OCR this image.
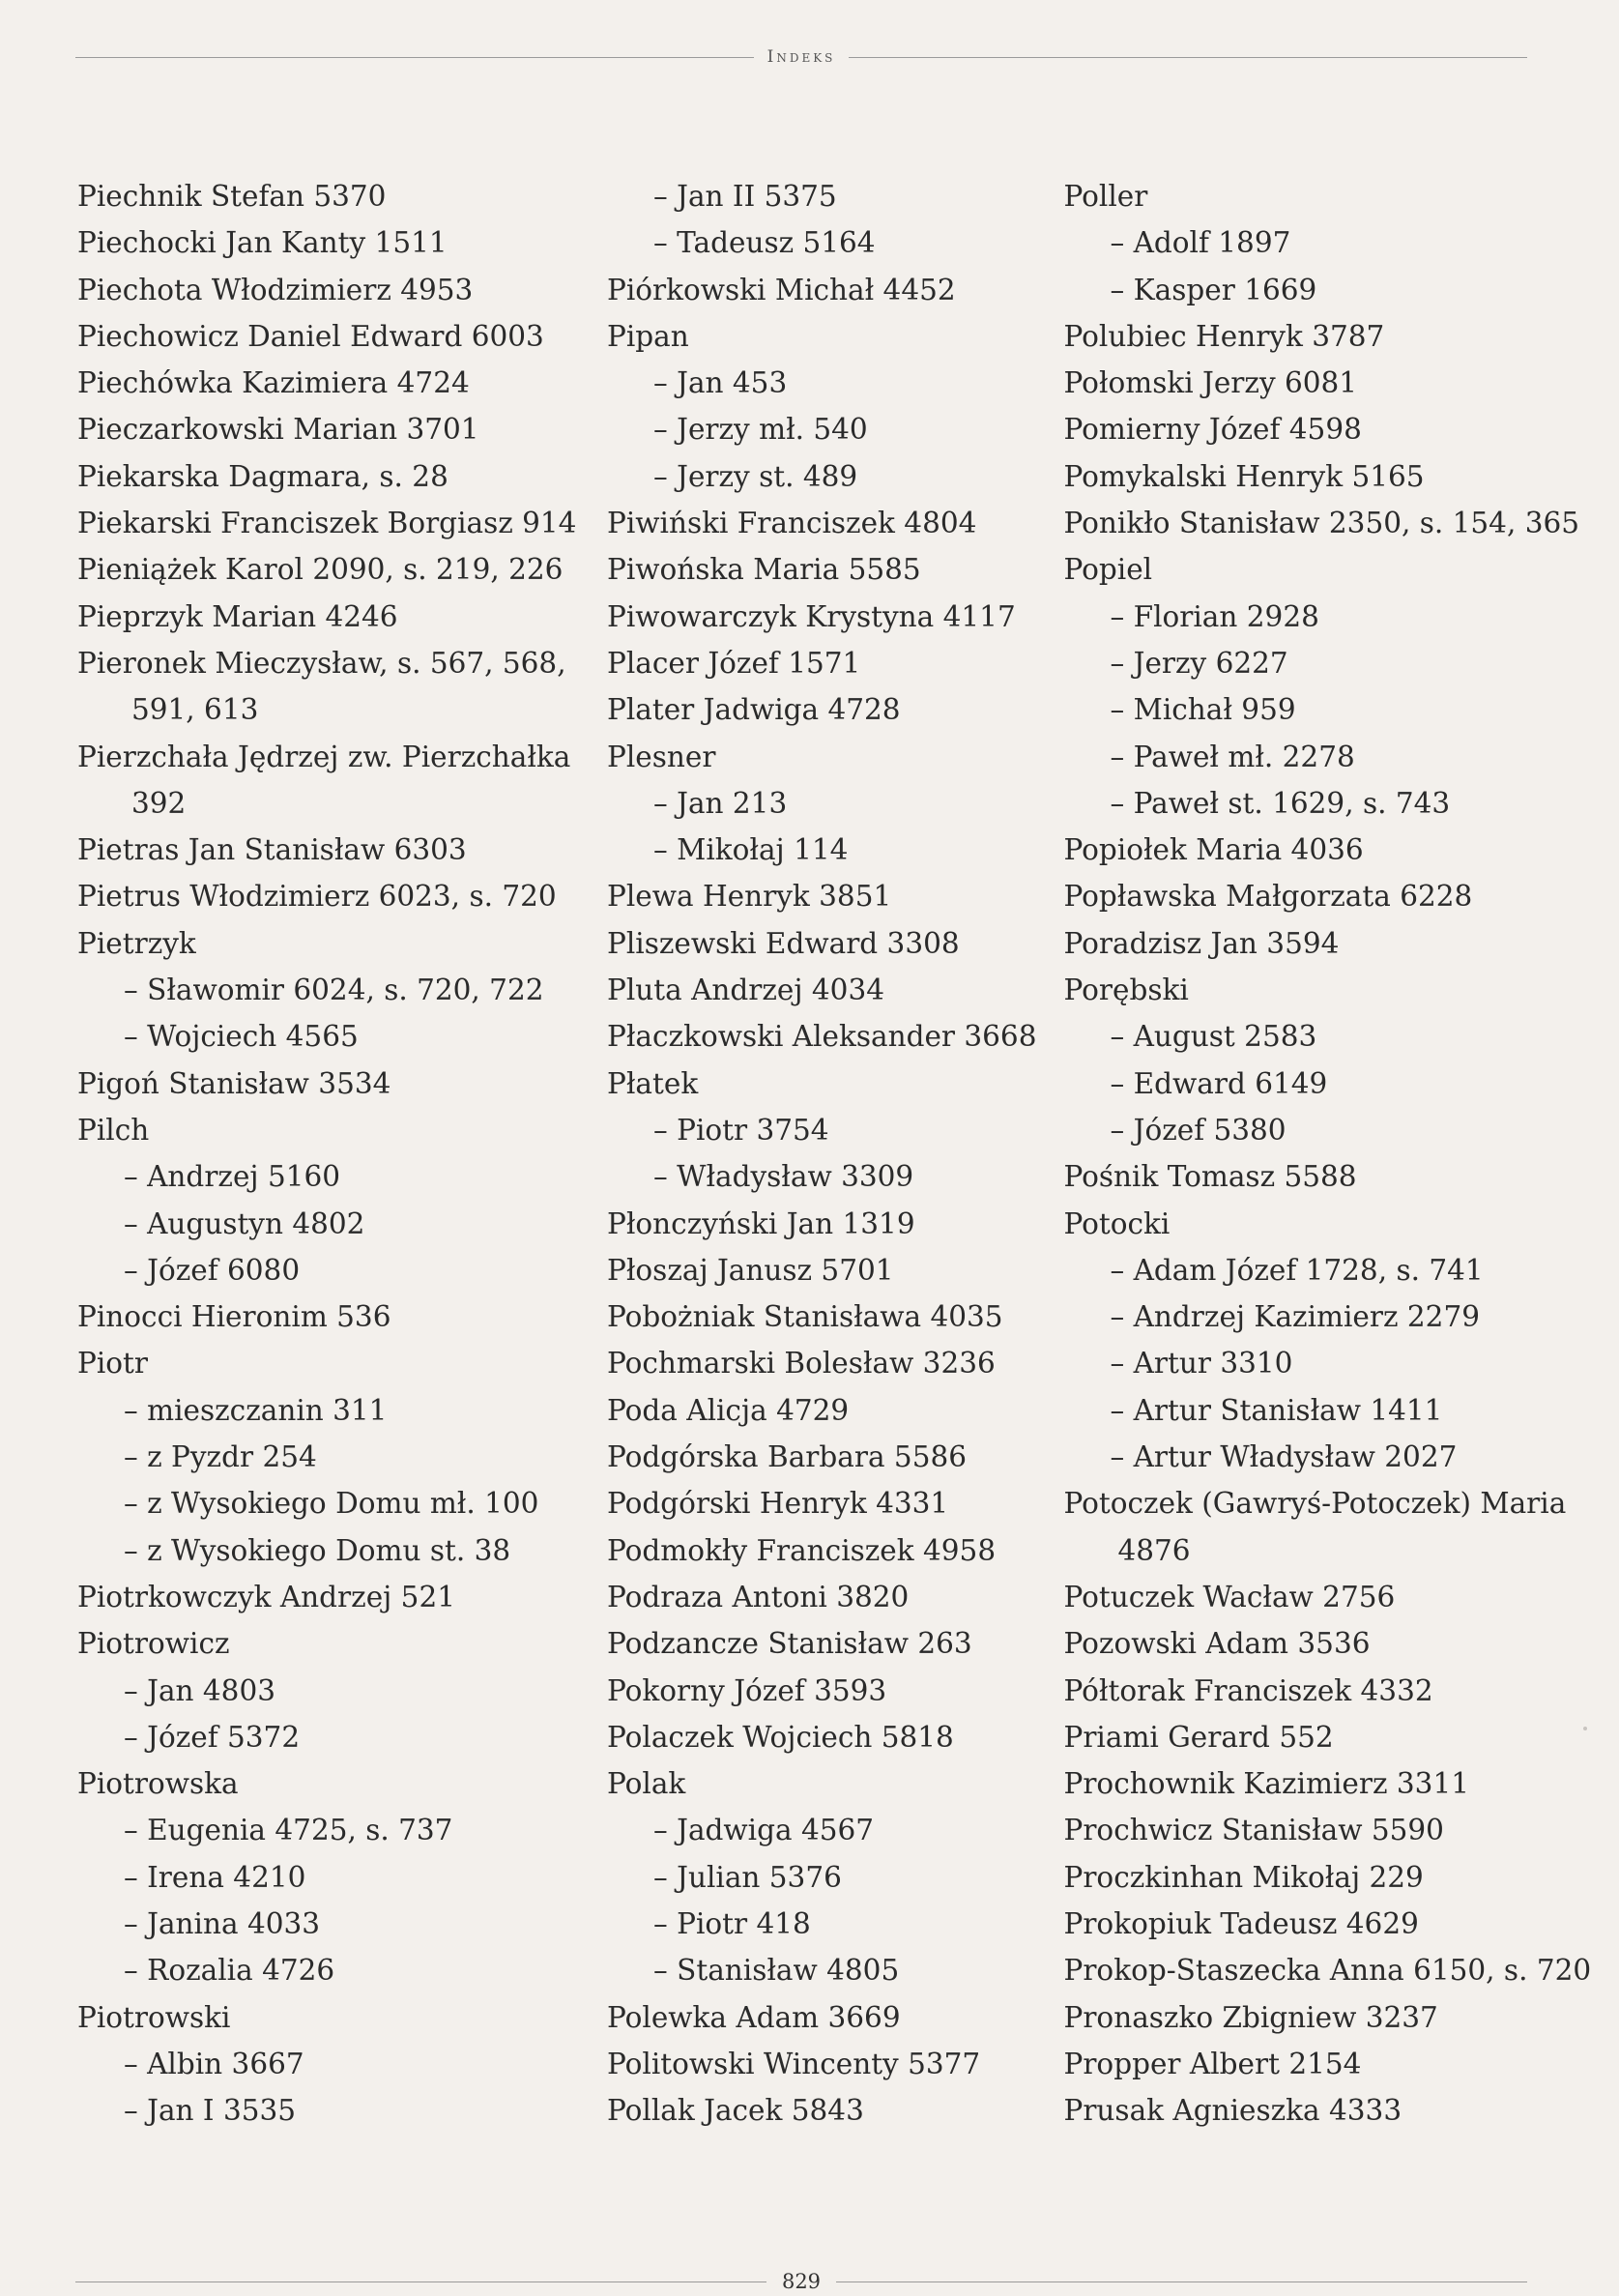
Indeks
Piechnik Stefan 5370
Piechocki Jan Kanty 1511
Piechota Włodzimierz 4953
Piechowicz Daniel Edward 6003
Piechówka Kazimiera 4724
Pieczarkowski Marian 3701
Piekarska Dagmara, s. 28
Piekarski Franciszek Borgiasz 914
Pieniążek Karol 2090, s. 219, 226
Pieprzyk Marian 4246
Pieronek Mieczysław, s. 567, 568,
591, 613
Pierzchała Jędrzej zw. Pierzchałka
392
Pietras Jan Stanisław 6303
Pietrus Włodzimierz 6023, s. 720
Pietrzyk
– Sławomir 6024, s. 720, 722
– Wojciech 4565
Pigoń Stanisław 3534
Pilch
– Andrzej 5160
– Augustyn 4802
– Józef 6080
Pinocci Hieronim 536
Piotr
– mieszczanin 311
– z Pyzdr 254
– z Wysokiego Domu mł. 100
– z Wysokiego Domu st. 38
Piotrkowczyk Andrzej 521
Piotrowicz
– Jan 4803
– Józef 5372
Piotrowska
– Eugenia 4725, s. 737
– Irena 4210
– Janina 4033
– Rozalia 4726
Piotrowski
– Albin 3667
– Jan I 3535
– Jan II 5375
– Tadeusz 5164
Piórkowski Michał 4452
Pipan
– Jan 453
– Jerzy mł. 540
– Jerzy st. 489
Piwiński Franciszek 4804
Piwońska Maria 5585
Piwowarczyk Krystyna 4117
Placer Józef 1571
Plater Jadwiga 4728
Plesner
– Jan 213
– Mikołaj 114
Plewa Henryk 3851
Pliszewski Edward 3308
Pluta Andrzej 4034
Płaczkowski Aleksander 3668
Płatek
– Piotr 3754
– Władysław 3309
Płonczyński Jan 1319
Płoszaj Janusz 5701
Pobożniak Stanisława 4035
Pochmarski Bolesław 3236
Poda Alicja 4729
Podgórska Barbara 5586
Podgórski Henryk 4331
Podmokły Franciszek 4958
Podraza Antoni 3820
Podzancze Stanisław 263
Pokorny Józef 3593
Polaczek Wojciech 5818
Polak
– Jadwiga 4567
– Julian 5376
– Piotr 418
– Stanisław 4805
Polewka Adam 3669
Politowski Wincenty 5377
Pollak Jacek 5843
Poller
– Adolf 1897
– Kasper 1669
Polubiec Henryk 3787
Połomski Jerzy 6081
Pomierny Józef 4598
Pomykalski Henryk 5165
Ponikło Stanisław 2350, s. 154, 365
Popiel
– Florian 2928
– Jerzy 6227
– Michał 959
– Paweł mł. 2278
– Paweł st. 1629, s. 743
Popiołek Maria 4036
Popławska Małgorzata 6228
Poradzisz Jan 3594
Porębski
– August 2583
– Edward 6149
– Józef 5380
Pośnik Tomasz 5588
Potocki
– Adam Józef 1728, s. 741
– Andrzej Kazimierz 2279
– Artur 3310
– Artur Stanisław 1411
– Artur Władysław 2027
Potoczek (Gawryś-Potoczek) Maria
4876
Potuczek Wacław 2756
Pozowski Adam 3536
Półtorak Franciszek 4332
Priami Gerard 552
Prochownik Kazimierz 3311
Prochwicz Stanisław 5590
Proczkinhan Mikołaj 229
Prokopiuk Tadeusz 4629
Prokop-Staszecka Anna 6150, s. 720
Pronaszko Zbigniew 3237
Propper Albert 2154
Prusak Agnieszka 4333
829
